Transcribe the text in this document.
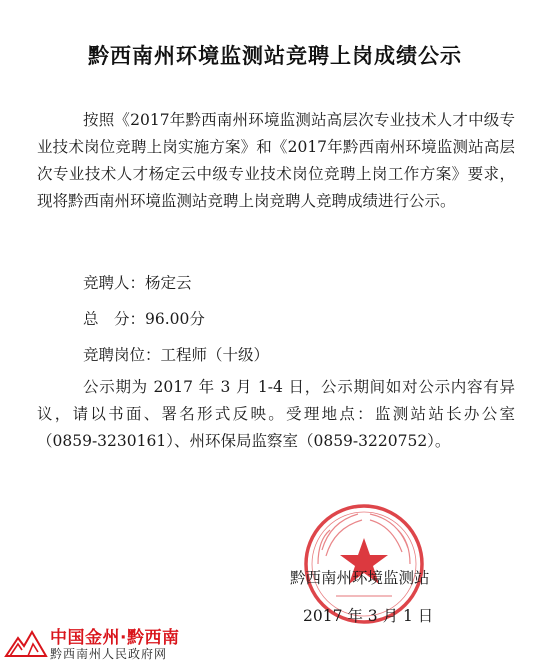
黔西南州环境监测站竞聘上岗成绩公示
按照《2017年黔西南州环境监测站高层次专业技术人才中级专业技术岗位竞聘上岗实施方案》和《2017年黔西南州环境监测站高层次专业技术人才杨定云中级专业技术岗位竞聘上岗工作方案》要求，现将黔西南州环境监测站竞聘上岗竞聘人竞聘成绩进行公示。
竞聘人：杨定云
总　分：96.00分
竞聘岗位：工程师（十级）
公示期为 2017 年 3 月 1-4 日，公示期间如对公示内容有异议，请以书面、署名形式反映。受理地点：监测站站长办公室（0859-3230161）、州环保局监察室（0859-3220752）。
黔西南州环境监测站
2017 年 3 月 1 日
中国金州·黔西南
黔西南州人民政府网
